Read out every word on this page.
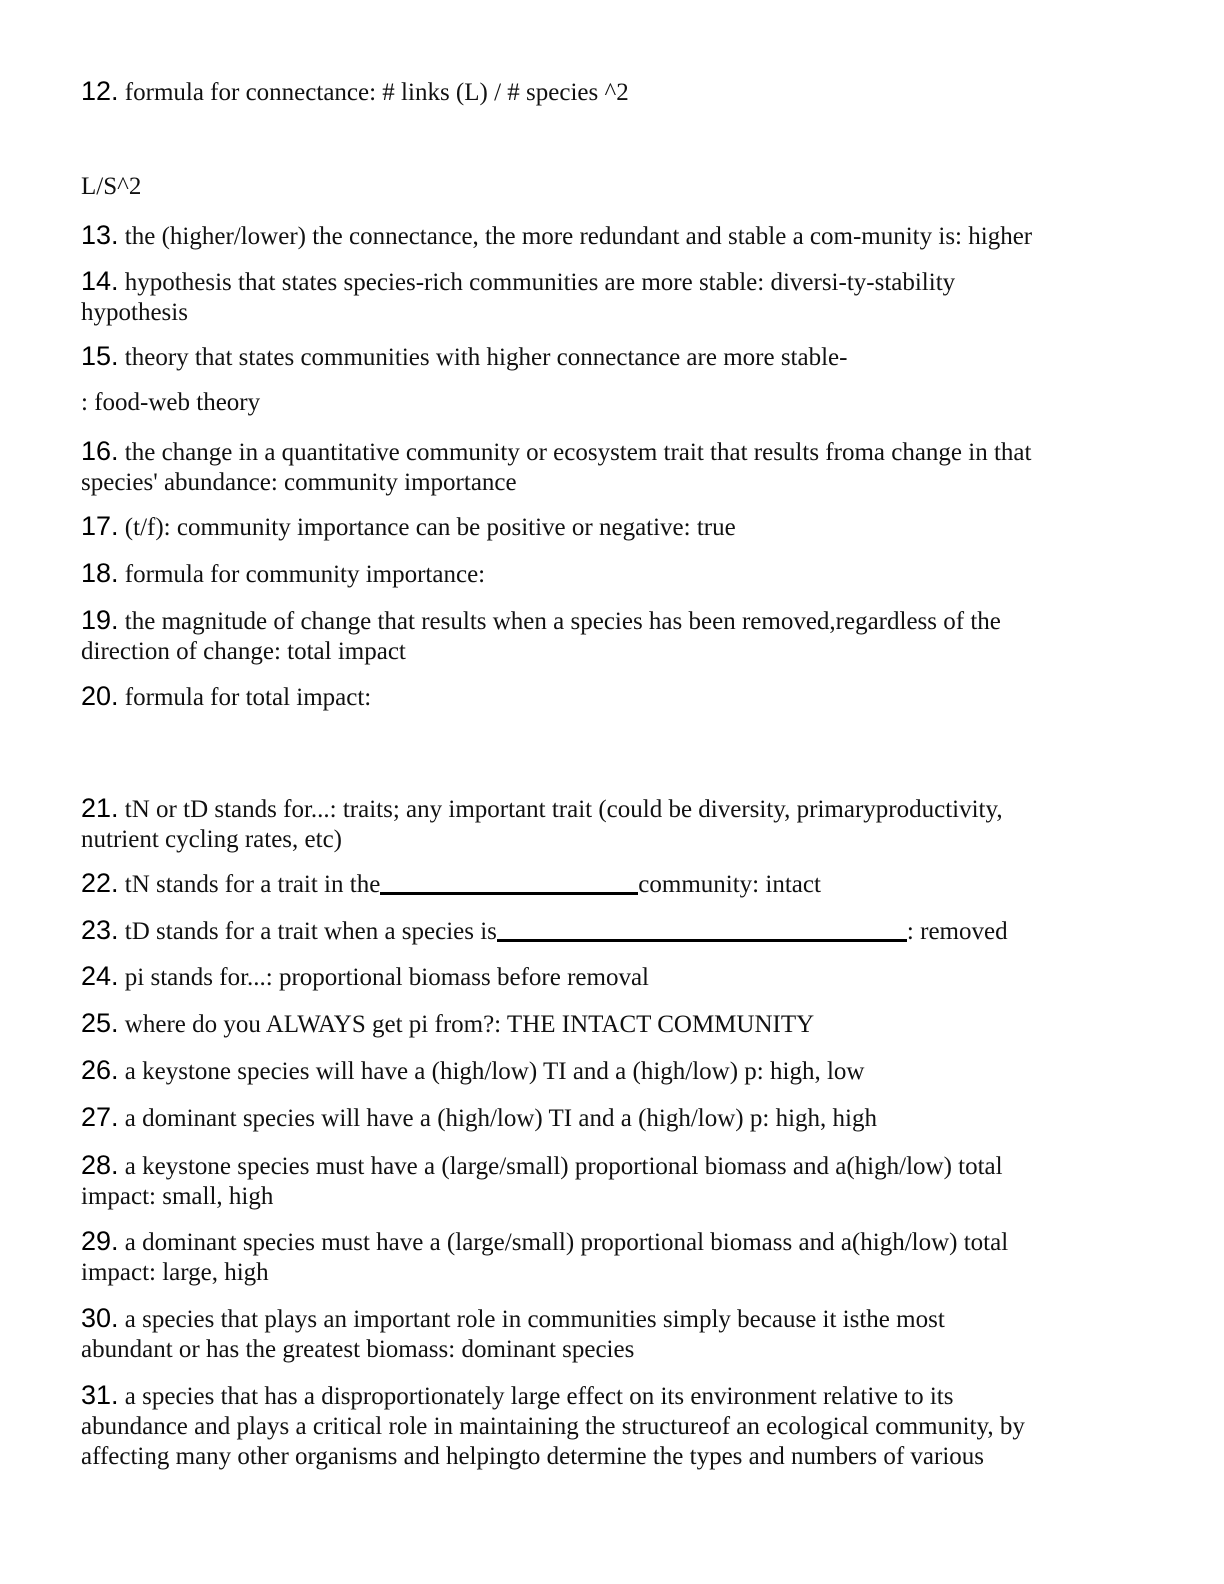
12. formula for connectance: # links (L) / # species ^2
L/S^2
13. the (higher/lower) the connectance, the more redundant and stable a com-munity is: higher
14. hypothesis that states species-rich communities are more stable: diversi-ty-stability
hypothesis
15. theory that states communities with higher connectance are more stable-
: food-web theory
16. the change in a quantitative community or ecosystem trait that results froma change in that
species' abundance: community importance
17. (t/f): community importance can be positive or negative: true
18. formula for community importance:
19. the magnitude of change that results when a species has been removed,regardless of the
direction of change: total impact
20. formula for total impact:
21. tN or tD stands for...: traits; any important trait (could be diversity, primaryproductivity,
nutrient cycling rates, etc)
22. tN stands for a trait in the	community: intact
23. tD stands for a trait when a species is	: removed
24. pi stands for...: proportional biomass before removal
25. where do you ALWAYS get pi from?: THE INTACT COMMUNITY
26. a keystone species will have a (high/low) TI and a (high/low) p: high, low
27. a dominant species will have a (high/low) TI and a (high/low) p: high, high
28. a keystone species must have a (large/small) proportional biomass and a(high/low) total
impact: small, high
29. a dominant species must have a (large/small) proportional biomass and a(high/low) total
impact: large, high
30. a species that plays an important role in communities simply because it isthe most
abundant or has the greatest biomass: dominant species
31. a species that has a disproportionately large effect on its environment relative to its
abundance and plays a critical role in maintaining the structureof an ecological community, by
affecting many other organisms and helpingto determine the types and numbers of various
